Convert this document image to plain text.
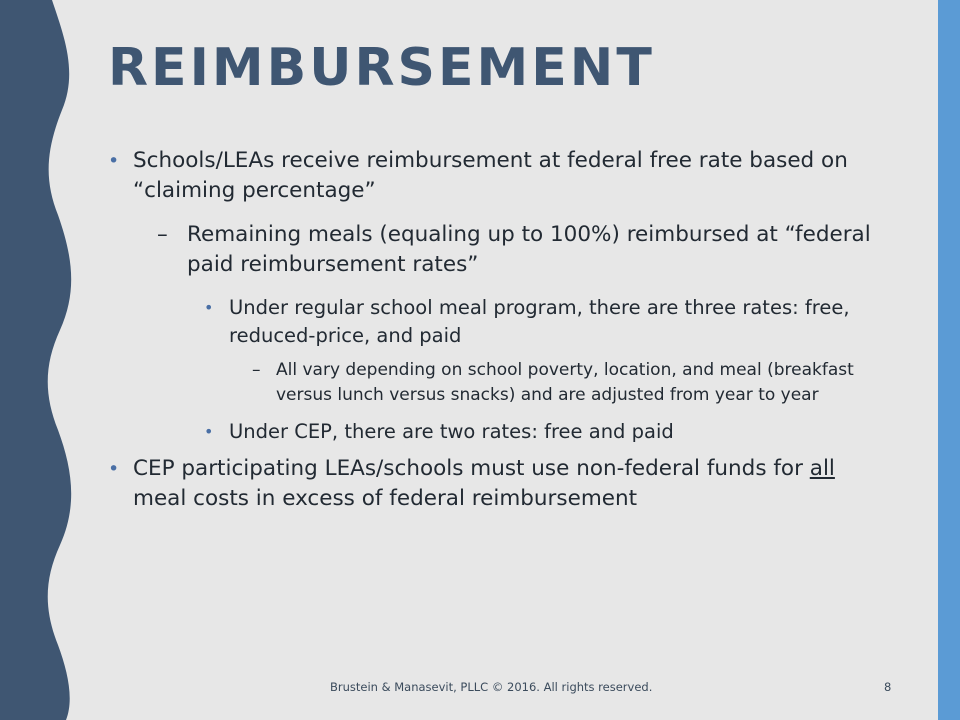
REIMBURSEMENT
• Schools/LEAs receive reimbursement at federal free rate based on “claiming percentage”
– Remaining meals (equaling up to 100%) reimbursed at “federal paid reimbursement rates”
• Under regular school meal program, there are three rates: free, reduced-price, and paid
– All vary depending on school poverty, location, and meal (breakfast versus lunch versus snacks) and are adjusted from year to year
• Under CEP, there are two rates: free and paid
• CEP participating LEAs/schools must use non-federal funds for all meal costs in excess of federal reimbursement
Brustein & Manasevit, PLLC © 2016. All rights reserved.	8
